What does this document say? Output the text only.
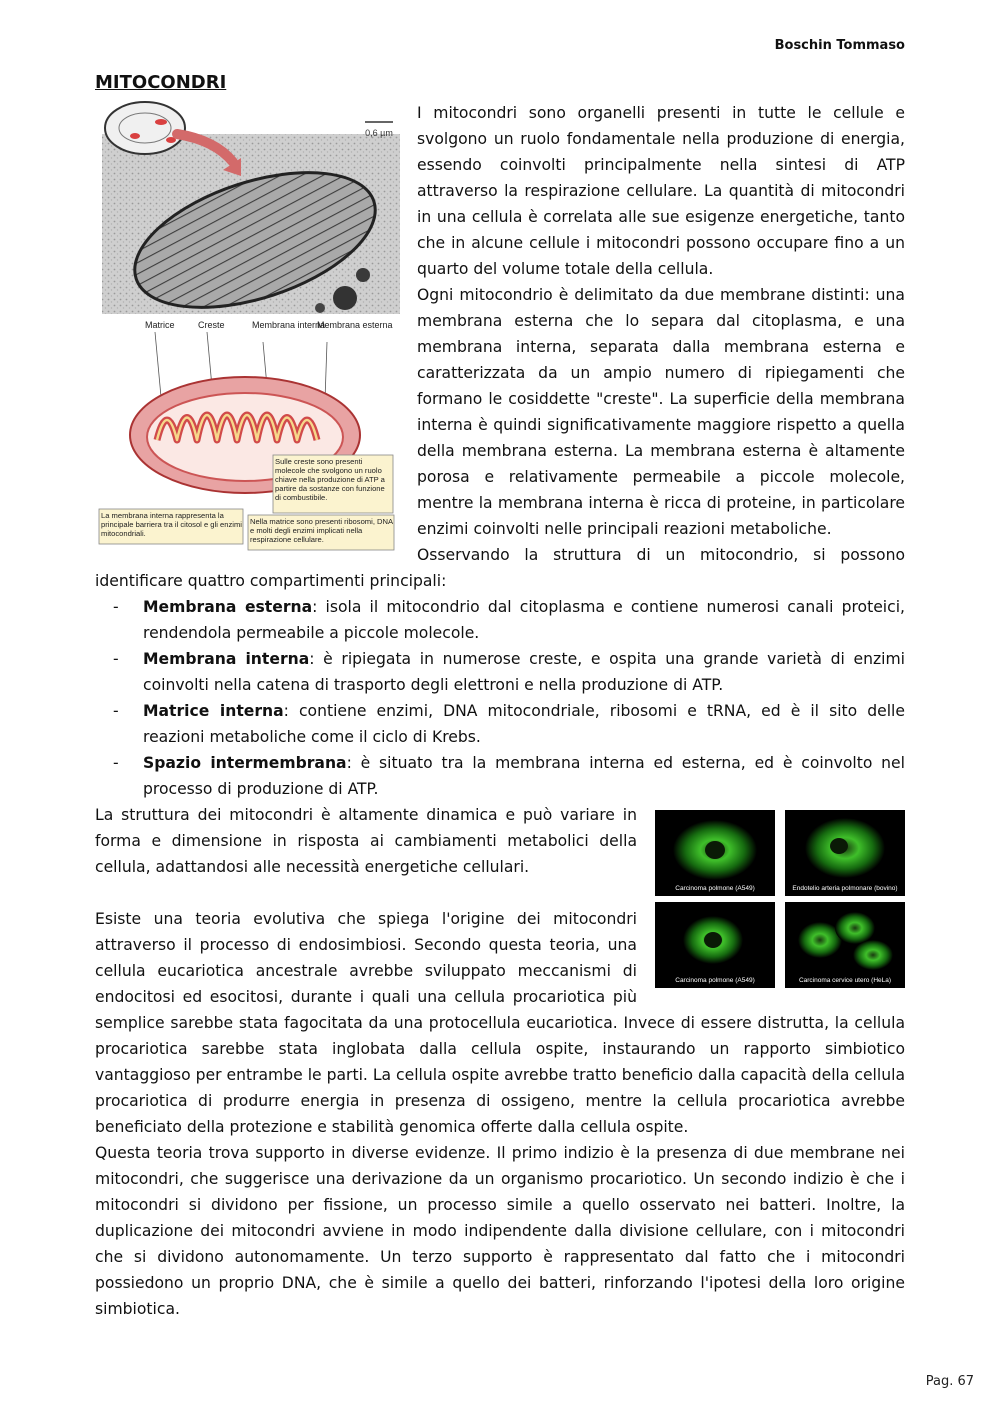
Boschin Tommaso
MITOCONDRI
0,6 µm
Matrice	Creste	Membrana interna
Membrana esterna
Sulle creste sono presenti molecole che svolgono un ruolo chiave nella produzione di ATP a partire da sostanze con funzione di combustibile.
La membrana interna rappresenta la principale barriera tra il citosol e gli enzimi mitocondriali.
Nella matrice sono presenti ribosomi, DNA e molti degli enzimi implicati nella respirazione cellulare.

I mitocondri sono organelli presenti in tutte le cellule e svolgono un ruolo fondamentale nella produzione di energia, essendo coinvolti principalmente nella sintesi di ATP attraverso la respirazione cellulare. La quantità di mitocondri in una cellula è correlata alle sue esigenze energetiche, tanto che in alcune cellule i mitocondri possono occupare fino a un quarto del volume totale della cellula.

Ogni mitocondrio è delimitato da due membrane distinti: una membrana esterna che lo separa dal citoplasma, e una membrana interna, separata dalla membrana esterna e caratterizzata da un ampio numero di ripiegamenti che formano le cosiddette "creste". La superficie della membrana interna è quindi significativamente maggiore rispetto a quella della membrana esterna. La membrana esterna è altamente porosa e relativamente permeabile a piccole molecole, mentre la membrana interna è ricca di proteine, in particolare enzimi coinvolti nelle principali reazioni metaboliche.

Osservando la struttura di un mitocondrio, si possono identificare quattro compartimenti principali:

- Membrana esterna: isola il mitocondrio dal citoplasma e contiene numerosi canali proteici, rendendola permeabile a piccole molecole.
- Membrana interna: è ripiegata in numerose creste, e ospita una grande varietà di enzimi coinvolti nella catena di trasporto degli elettroni e nella produzione di ATP.
- Matrice interna: contiene enzimi, DNA mitocondriale, ribosomi e tRNA, ed è il sito delle reazioni metaboliche come il ciclo di Krebs.
- Spazio intermembrana: è situato tra la membrana interna ed esterna, ed è coinvolto nel processo di produzione di ATP.
Carcinoma polmone (A549)	Endotelio arteria polmonare (bovino)
Carcinoma polmone (A549)	Carcinoma cervice utero (HeLa)

La struttura dei mitocondri è altamente dinamica e può variare in forma e dimensione in risposta ai cambiamenti metabolici della cellula, adattandosi alle necessità energetiche cellulari.

Esiste una teoria evolutiva che spiega l'origine dei mitocondri attraverso il processo di endosimbiosi. Secondo questa teoria, una cellula eucariotica ancestrale avrebbe sviluppato meccanismi di endocitosi ed esocitosi, durante i quali una cellula procariotica più semplice sarebbe stata fagocitata da una protocellula eucariotica. Invece di essere distrutta, la cellula procariotica sarebbe stata inglobata dalla cellula ospite, instaurando un rapporto simbiotico vantaggioso per entrambe le parti. La cellula ospite avrebbe tratto beneficio dalla capacità della cellula procariotica di produrre energia in presenza di ossigeno, mentre la cellula procariotica avrebbe beneficiato della protezione e stabilità genomica offerte dalla cellula ospite.

Questa teoria trova supporto in diverse evidenze. Il primo indizio è la presenza di due membrane nei mitocondri, che suggerisce una derivazione da un organismo procariotico. Un secondo indizio è che i mitocondri si dividono per fissione, un processo simile a quello osservato nei batteri. Inoltre, la duplicazione dei mitocondri avviene in modo indipendente dalla divisione cellulare, con i mitocondri che si dividono autonomamente. Un terzo supporto è rappresentato dal fatto che i mitocondri possiedono un proprio DNA, che è simile a quello dei batteri, rinforzando l'ipotesi della loro origine simbiotica.

Pag. 67
